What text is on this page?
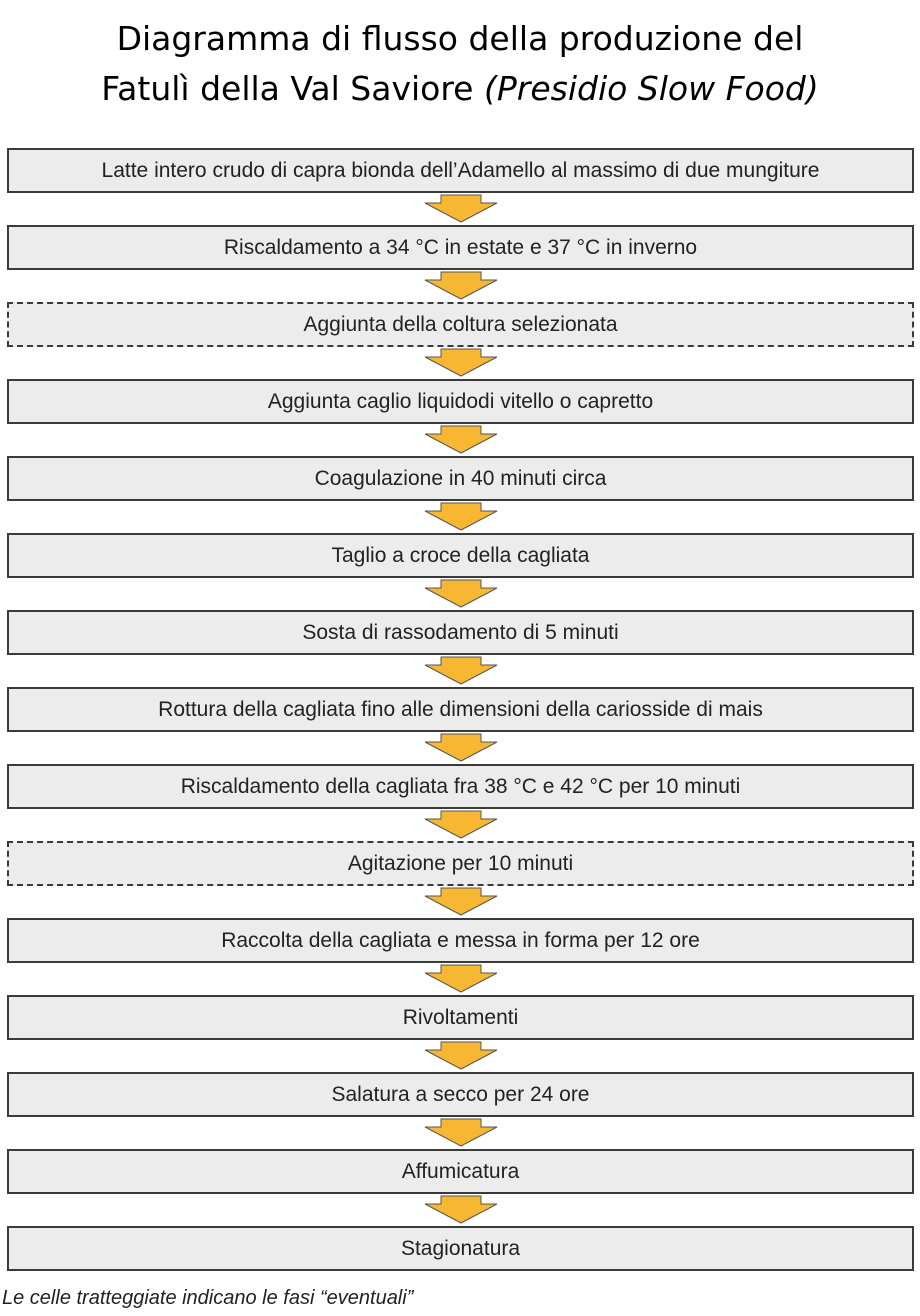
Diagramma di flusso della produzione del
Fatulì della Val Saviore (Presidio Slow Food)
Latte intero crudo di capra bionda dell’Adamello al massimo di due mungiture
Riscaldamento a 34 °C in estate e 37 °C in inverno
Aggiunta della coltura selezionata
Aggiunta caglio liquidodi vitello o capretto
Coagulazione in 40 minuti circa
Taglio a croce della cagliata
Sosta di rassodamento di 5 minuti
Rottura della cagliata fino alle dimensioni della cariosside di mais
Riscaldamento della cagliata fra 38 °C e 42 °C per 10 minuti
Agitazione per 10 minuti
Raccolta della cagliata e messa in forma per 12 ore
Rivoltamenti
Salatura a secco per 24 ore
Affumicatura
Stagionatura
Le celle tratteggiate indicano le fasi “eventuali”
